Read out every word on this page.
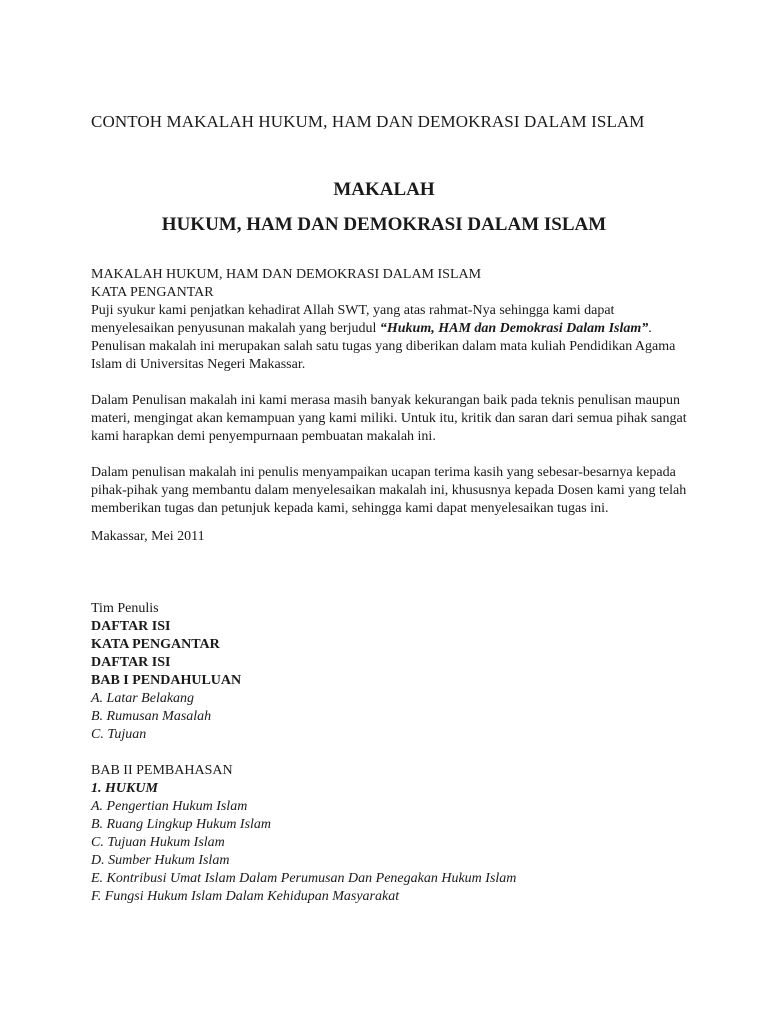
CONTOH MAKALAH HUKUM, HAM DAN DEMOKRASI DALAM ISLAM
MAKALAH
HUKUM, HAM DAN DEMOKRASI DALAM ISLAM
MAKALAH HUKUM, HAM DAN DEMOKRASI DALAM ISLAM
KATA PENGANTAR

Puji syukur kami penjatkan kehadirat Allah SWT, yang atas rahmat-Nya sehingga kami dapat menyelesaikan penyusunan makalah yang berjudul “Hukum, HAM dan Demokrasi Dalam Islam”. Penulisan makalah ini merupakan salah satu tugas yang diberikan dalam mata kuliah Pendidikan Agama Islam di Universitas Negeri Makassar.

Dalam Penulisan makalah ini kami merasa masih banyak kekurangan baik pada teknis penulisan maupun materi, mengingat akan kemampuan yang kami miliki. Untuk itu, kritik dan saran dari semua pihak sangat kami harapkan demi penyempurnaan pembuatan makalah ini.

Dalam penulisan makalah ini penulis menyampaikan ucapan terima kasih yang sebesar-besarnya kepada pihak-pihak yang membantu dalam menyelesaikan makalah ini, khususnya kepada Dosen kami yang telah memberikan tugas dan petunjuk kepada kami, sehingga kami dapat menyelesaikan tugas ini.

Makassar, Mei 2011

Tim Penulis

DAFTAR ISI
KATA PENGANTAR
DAFTAR ISI
BAB I PENDAHULUAN
A. Latar Belakang
B. Rumusan Masalah
C. Tujuan
BAB II PEMBAHASAN
1. HUKUM
A. Pengertian Hukum Islam
B. Ruang Lingkup Hukum Islam
C. Tujuan Hukum Islam
D. Sumber Hukum Islam
E. Kontribusi Umat Islam Dalam Perumusan Dan Penegakan Hukum Islam
F. Fungsi Hukum Islam Dalam Kehidupan Masyarakat
